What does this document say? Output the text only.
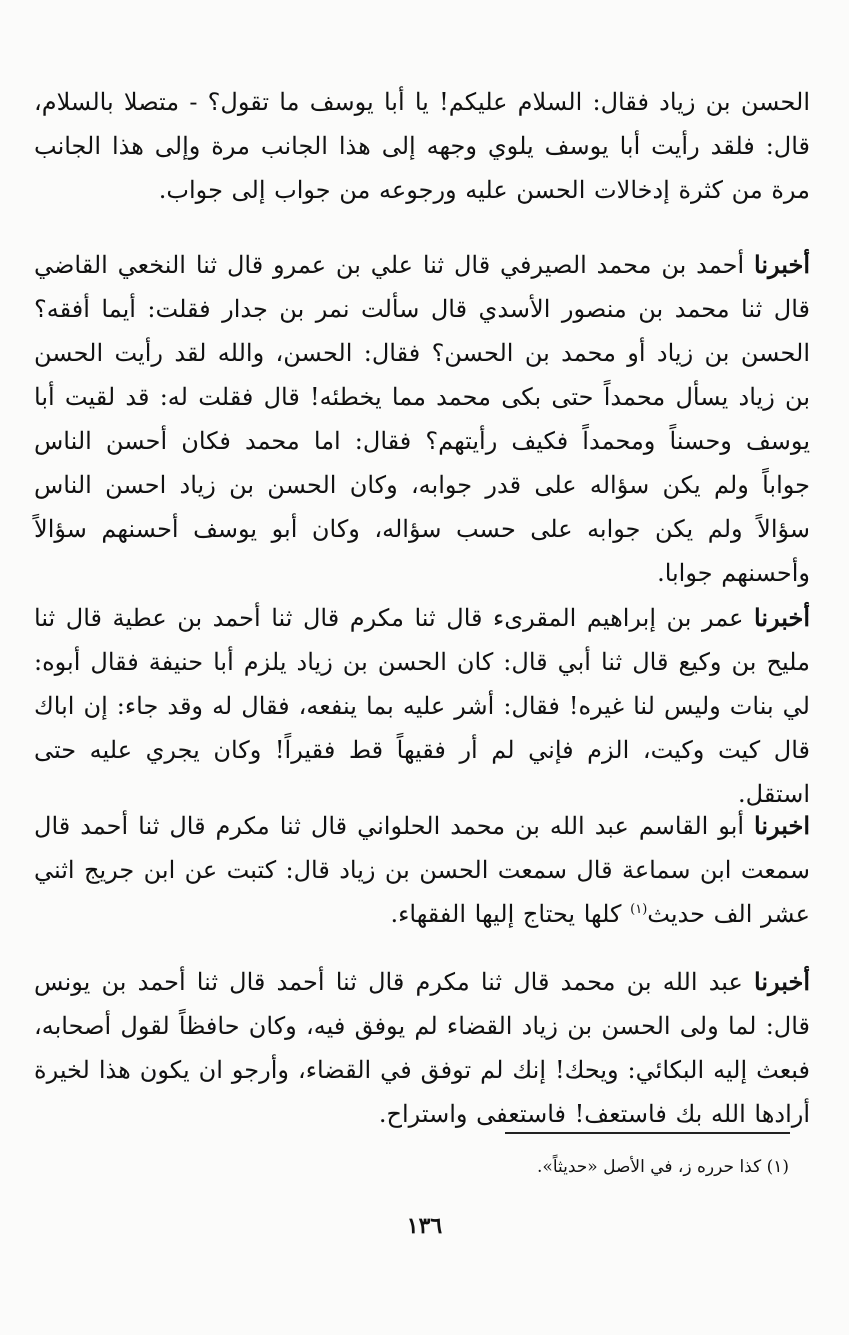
الحسن بن زياد فقال: السلام عليكم! يا أبا يوسف ما تقول؟ - متصلا بالسلام، قال: فلقد رأيت أبا يوسف يلوي وجهه إلى هذا الجانب مرة وإلى هذا الجانب مرة من كثرة إدخالات الحسن عليه ورجوعه من جواب إلى جواب.

أخبرنا أحمد بن محمد الصيرفي قال ثنا علي بن عمرو قال ثنا النخعي القاضي قال ثنا محمد بن منصور الأسدي قال سألت نمر بن جدار فقلت: أيما أفقه؟ الحسن بن زياد أو محمد بن الحسن؟ فقال: الحسن، والله لقد رأيت الحسن بن زياد يسأل محمداً حتى بكى محمد مما يخطئه! قال فقلت له: قد لقيت أبا يوسف وحسناً ومحمداً فكيف رأيتهم؟ فقال: اما محمد فكان أحسن الناس جواباً ولم يكن سؤاله على قدر جوابه، وكان الحسن بن زياد احسن الناس سؤالاً ولم يكن جوابه على حسب سؤاله، وكان أبو يوسف أحسنهم سؤالاً وأحسنهم جوابا.

أخبرنا عمر بن إبراهيم المقرىء قال ثنا مكرم قال ثنا أحمد بن عطية قال ثنا مليح بن وكيع قال ثنا أبي قال: كان الحسن بن زياد يلزم أبا حنيفة فقال أبوه: لي بنات وليس لنا غيره! فقال: أشر عليه بما ينفعه، فقال له وقد جاء: إن اباك قال كيت وكيت، الزم فإني لم أر فقيهاً قط فقيراً! وكان يجري عليه حتى استقل.

اخبرنا أبو القاسم عبد الله بن محمد الحلواني قال ثنا مكرم قال ثنا أحمد قال سمعت ابن سماعة قال سمعت الحسن بن زياد قال: كتبت عن ابن جريج اثني عشر الف حديث$^{(١)}$ كلها يحتاج إليها الفقهاء.

أخبرنا عبد الله بن محمد قال ثنا مكرم قال ثنا أحمد قال ثنا أحمد بن يونس قال: لما ولى الحسن بن زياد القضاء لم يوفق فيه، وكان حافظاً لقول أصحابه، فبعث إليه البكائي: ويحك! إنك لم توفق في القضاء، وأرجو ان يكون هذا لخيرة أرادها الله بك فاستعف! فاستعفى واستراح.

(١) كذا حرره ز، في الأصل «حديثاً».
١٣٦
